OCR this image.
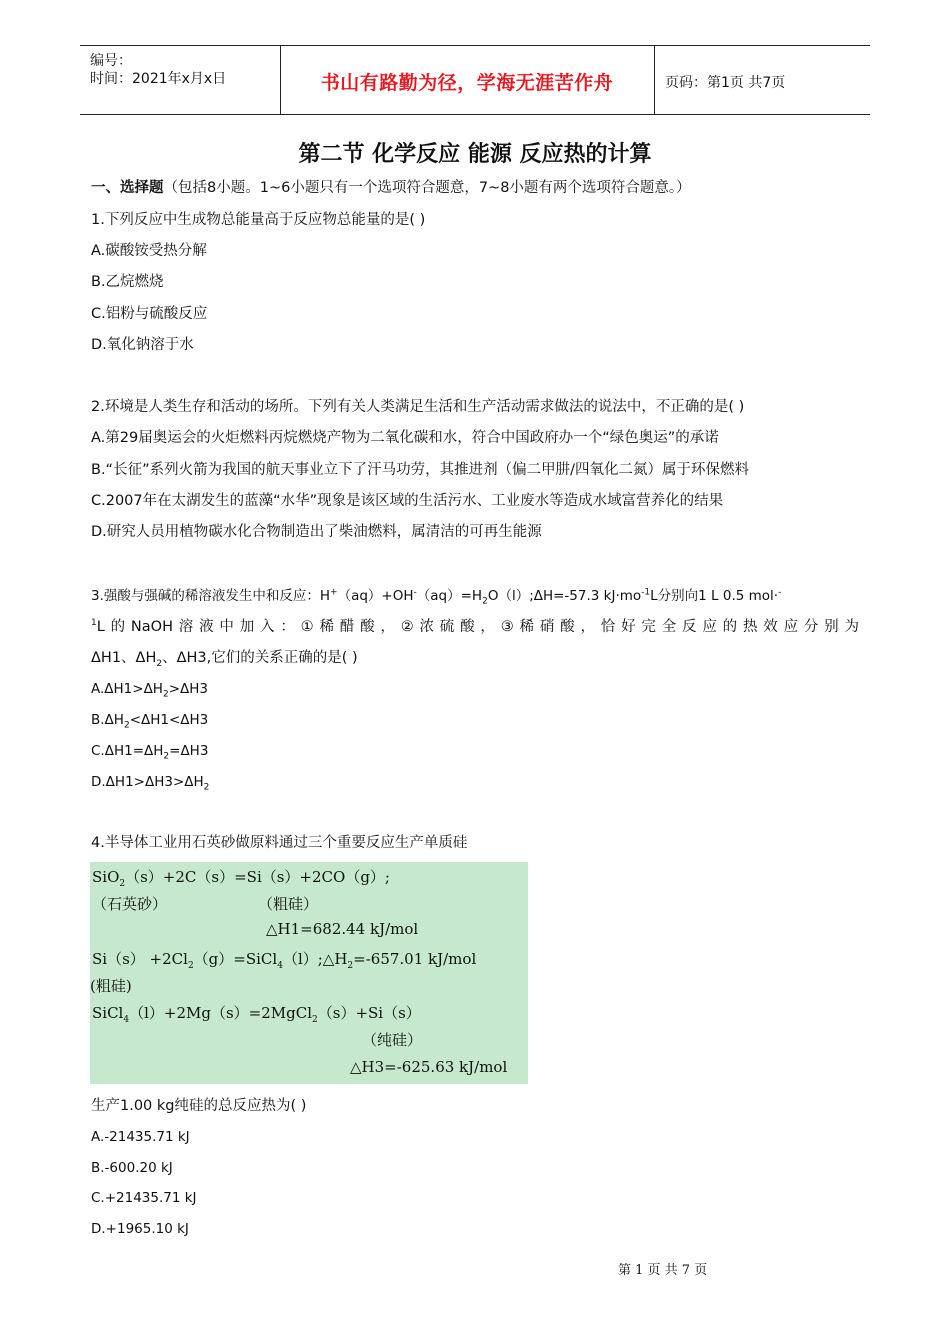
编号：
时间：2021年x月x日	书山有路勤为径，学海无涯苦作舟	页码：第1页 共7页
第二节 化学反应 能源 反应热的计算
一、选择题（包括8小题。1~6小题只有一个选项符合题意，7~8小题有两个选项符合题意。）
1.下列反应中生成物总能量高于反应物总能量的是( )
A.碳酸铵受热分解
B.乙烷燃烧
C.铝粉与硫酸反应
D.氧化钠溶于水
2.环境是人类生存和活动的场所。下列有关人类满足生活和生产活动需求做法的说法中，不正确的是( )
A.第29届奥运会的火炬燃料丙烷燃烧产物为二氧化碳和水，符合中国政府办一个“绿色奥运”的承诺
B.“长征”系列火箭为我国的航天事业立下了汗马功劳，其推进剂（偏二甲肼/四氧化二氮）属于环保燃料
C.2007年在太湖发生的蓝藻“水华”现象是该区域的生活污水、工业废水等造成水域富营养化的结果
D.研究人员用植物碳水化合物制造出了柴油燃料，属清洁的可再生能源
3.强酸与强碱的稀溶液发生中和反应：$H^+(aq)+OH^-(aq)=H_2O(l);\Delta H=-57.3$ $kJ\cdot mo^{-1}L$分别向1 L 0.5 mol·-
$^1$L的NaOH溶液中加入：①稀醋酸，②浓硫酸，③稀硝酸，恰好完全反应的热效应分别为
ΔH1、$\Delta H_2$、ΔH3,它们的关系正确的是( )
$A.\Delta H1>\Delta H_2>\Delta H3$
$B.\Delta H_2<\Delta H1<\Delta H3$
$C.\Delta H1=\Delta H_2=\Delta H3$
$D.\Delta H1>\Delta H3>\Delta H_2$
4.半导体工业用石英砂做原料通过三个重要反应生产单质硅
SiO$_2$（s）+2C（s）=Si（s）+2CO（g）;
（石英砂）	（粗硅）
△H1=682.44 kJ/mol
$Si(s) +2Cl_2(g)=SiCl_4(l);\triangle H_2=-657.01$ kJ/mol
(粗硅)
SiCl$_4$（l）+2Mg（s）=2MgCl$_2$（s）+Si（s）
（纯硅）
△H3=-625.63 kJ/mol
生产1.00 kg纯硅的总反应热为( )
A.-21435.71 kJ
B.-600.20 kJ
C.+21435.71 kJ
D.+1965.10 kJ
第 1 页 共 7 页
